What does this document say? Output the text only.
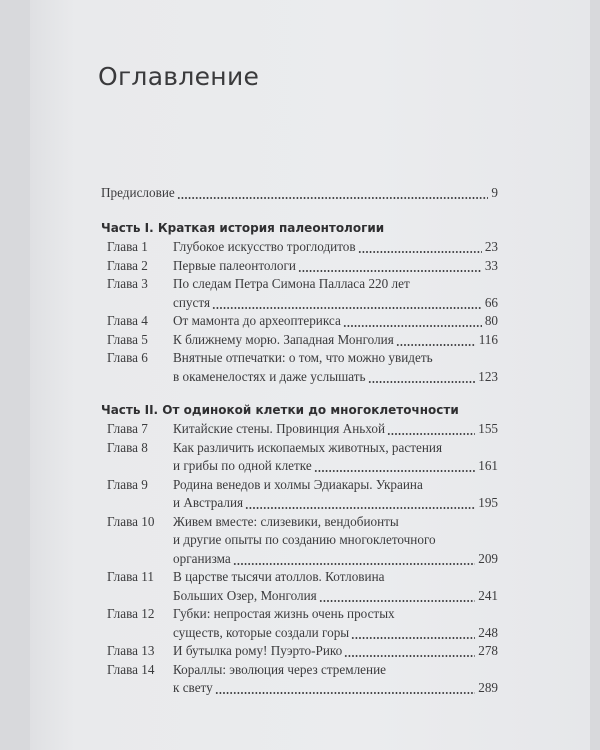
Оглавление
Предисловие	9
Часть I. Краткая история палеонтологии
Глава 1	Глубокое искусство троглодитов	23
Глава 2	Первые палеонтологи	33
Глава 3	По следам Петра Симона Палласа 220 лет
спустя	66
Глава 4	От мамонта до археоптерикса	80
Глава 5	К ближнему морю. Западная Монголия	116
Глава 6	Внятные отпечатки: о том, что можно увидеть
в окаменелостях и даже услышать	123
Часть II. От одинокой клетки до многоклеточности
Глава 7	Китайские стены. Провинция Аньхой	155
Глава 8	Как различить ископаемых животных, растения
и грибы по одной клетке	161
Глава 9	Родина венедов и холмы Эдиакары. Украина
и Австралия	195
Глава 10	Живем вместе: слизевики, вендобионты
и другие опыты по созданию многоклеточного
организма	209
Глава 11	В царстве тысячи атоллов. Котловина
Больших Озер, Монголия	241
Глава 12	Губки: непростая жизнь очень простых
существ, которые создали горы	248
Глава 13	И бутылка рому! Пуэрто-Рико	278
Глава 14	Кораллы: эволюция через стремление
к свету	289
